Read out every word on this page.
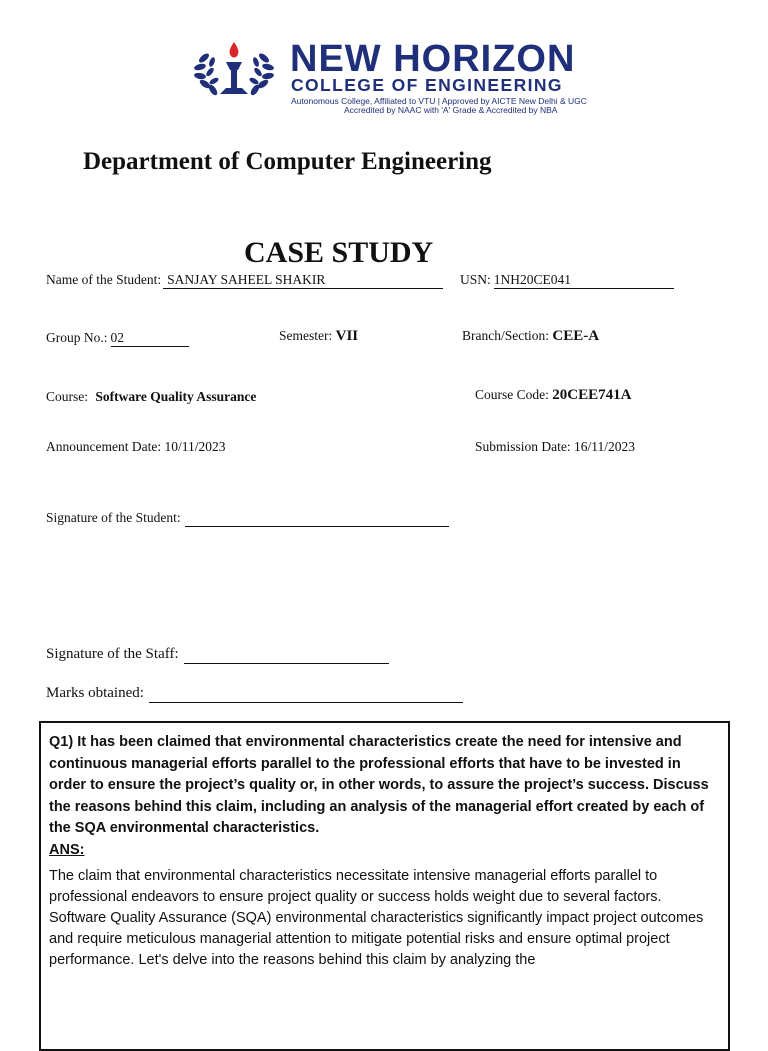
NEW HORIZON
COLLEGE OF ENGINEERING
Autonomous College, Affiliated to VTU | Approved by AICTE New Delhi & UGC
Accredited by NAAC with 'A' Grade & Accredited by NBA
Department of Computer Engineering
CASE STUDY
Name of the Student: SANJAY SAHEEL SHAKIR	USN: 1NH20CE041
Group No.: 02	Semester: VII	Branch/Section: CEE-A
Course: Software Quality Assurance	Course Code: 20CEE741A
Announcement Date: 10/11/2023	Submission Date: 16/11/2023
Signature of the Student:
Signature of the Staff:
Marks obtained:
Q1) It has been claimed that environmental characteristics create the need for intensive and continuous managerial efforts parallel to the professional efforts that have to be invested in order to ensure the project’s quality or, in other words, to assure the project’s success. Discuss the reasons behind this claim, including an analysis of the managerial effort created by each of the SQA environmental characteristics.
ANS:
The claim that environmental characteristics necessitate intensive managerial efforts parallel to professional endeavors to ensure project quality or success holds weight due to several factors. Software Quality Assurance (SQA) environmental characteristics significantly impact project outcomes and require meticulous managerial attention to mitigate potential risks and ensure optimal project performance. Let's delve into the reasons behind this claim by analyzing the
